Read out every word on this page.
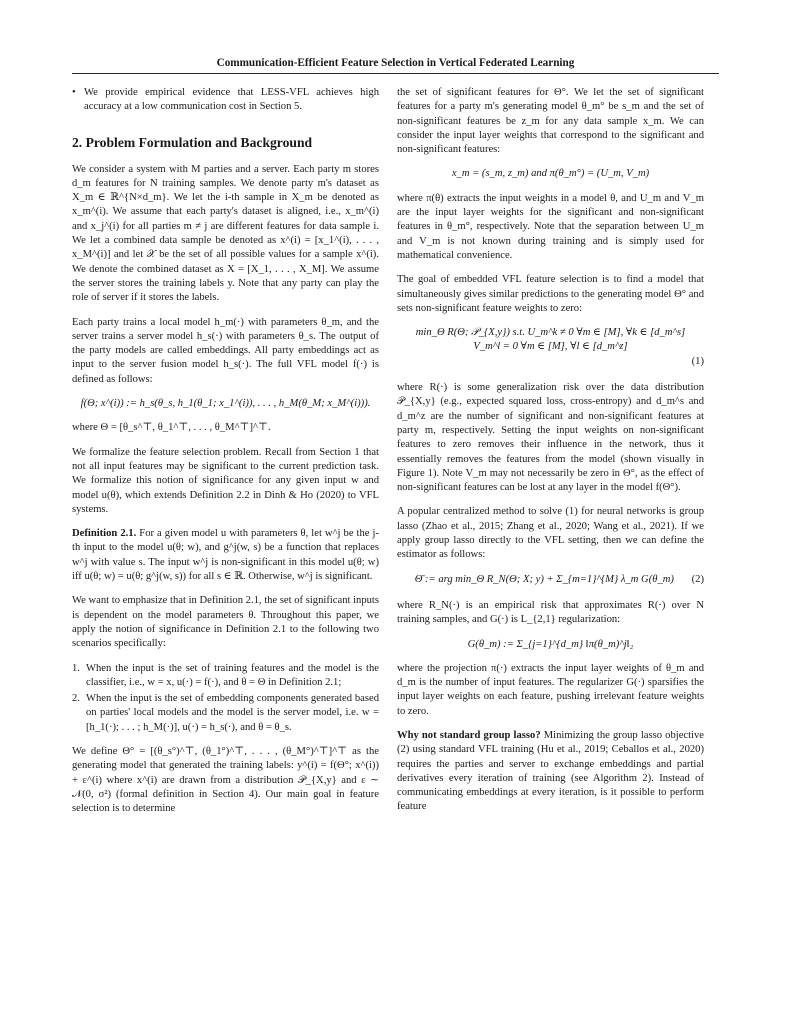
Communication-Efficient Feature Selection in Vertical Federated Learning
• We provide empirical evidence that LESS-VFL achieves high accuracy at a low communication cost in Section 5.
2. Problem Formulation and Background

We consider a system with M parties and a server. Each party m stores d_m features for N training samples. We denote party m's dataset as X_m ∈ ℝ^{N×d_m}. We let the i-th sample in X_m be denoted as x_m^(i). We assume that each party's dataset is aligned, i.e., x_m^(i) and x_j^(i) for all parties m ≠ j are different features for data sample i. We let a combined data sample be denoted as x^(i) = [x_1^(i), . . . , x_M^(i)] and let 𝒳 be the set of all possible values for a sample x^(i). We denote the combined dataset as X = [X_1, . . . , X_M]. We assume the server stores the training labels y. Note that any party can play the role of server if it stores the labels.

Each party trains a local model h_m(·) with parameters θ_m, and the server trains a server model h_s(·) with parameters θ_s. The output of the party models are called embeddings. All party embeddings act as input to the server fusion model h_s(·). The full VFL model f(·) is defined as follows:

f(Θ; x^(i)) := h_s(θ_s, h_1(θ_1; x_1^(i)), . . . , h_M(θ_M; x_M^(i))).

where Θ = [θ_s^⊤, θ_1^⊤, . . . , θ_M^⊤]^⊤.

We formalize the feature selection problem. Recall from Section 1 that not all input features may be significant to the current prediction task. We formalize this notion of significance for any given input w and model u(θ), which extends Definition 2.2 in Dinh & Ho (2020) to VFL systems.

Definition 2.1. For a given model u with parameters θ, let w^j be the j-th input to the model u(θ; w), and g^j(w, s) be a function that replaces w^j with value s. The input w^j is non-significant in this model u(θ; w) iff u(θ; w) = u(θ; g^j(w, s)) for all s ∈ ℝ. Otherwise, w^j is significant.

We want to emphasize that in Definition 2.1, the set of significant inputs is dependent on the model parameters θ. Throughout this paper, we apply the notion of significance in Definition 2.1 to the following two scenarios specifically:

1. When the input is the set of training features and the model is the classifier, i.e., w = x, u(·) = f(·), and θ = Θ in Definition 2.1;
2. When the input is the set of embedding components generated based on parties' local models and the model is the server model, i.e. w = [h_1(·); . . . ; h_M(·)], u(·) = h_s(·), and θ = θ_s.

We define Θ° = [(θ_s°)^⊤, (θ_1°)^⊤, . . . , (θ_M°)^⊤]^⊤ as the generating model that generated the training labels: y^(i) = f(Θ°; x^(i)) + ε^(i) where x^(i) are drawn from a distribution 𝒫_{X,y} and ε ∼ 𝒩(0, σ²) (formal definition in Section 4). Our main goal in feature selection is to determine

the set of significant features for Θ°. We let the set of significant features for a party m's generating model θ_m° be s_m and the set of non-significant features be z_m for any data sample x_m. We can consider the input layer weights that correspond to the significant and non-significant features:

x_m = (s_m, z_m) and π(θ_m°) = (U_m, V_m)

where π(θ) extracts the input weights in a model θ, and U_m and V_m are the input layer weights for the significant and non-significant features in θ_m°, respectively. Note that the separation between U_m and V_m is not known during training and is simply used for mathematical convenience.

The goal of embedded VFL feature selection is to find a model that simultaneously gives similar predictions to the generating model Θ° and sets non-significant feature weights to zero:

min_Θ R(Θ; 𝒫_{X,y}) s.t. U_m^k ≠ 0 ∀m ∈ [M], ∀k ∈ [d_m^s]
V_m^l = 0 ∀m ∈ [M], ∀l ∈ [d_m^z]
(1)

where R(·) is some generalization risk over the data distribution 𝒫_{X,y} (e.g., expected squared loss, cross-entropy) and d_m^s and d_m^z are the number of significant and non-significant features at party m, respectively. Setting the input weights on non-significant features to zero removes their influence in the network, thus it essentially removes the features from the model (shown visually in Figure 1). Note V_m may not necessarily be zero in Θ°, as the effect of non-significant features can be lost at any layer in the model f(Θ°).

A popular centralized method to solve (1) for neural networks is group lasso (Zhao et al., 2015; Zhang et al., 2020; Wang et al., 2021). If we apply group lasso directly to the VFL setting, then we can define the estimator as follows:

Θ̄ := arg min_Θ R_N(Θ; X; y) + Σ_{m=1}^{M} λ_m G(θ_m)	(2)

where R_N(·) is an empirical risk that approximates R(·) over N training samples, and G(·) is L_{2,1} regularization:

G(θ_m) := Σ_{j=1}^{d_m} ‖π(θ_m)^j‖₂

where the projection π(·) extracts the input layer weights of θ_m and d_m is the number of input features. The regularizer G(·) sparsifies the input layer weights on each feature, pushing irrelevant feature weights to zero.

Why not standard group lasso? Minimizing the group lasso objective (2) using standard VFL training (Hu et al., 2019; Ceballos et al., 2020) requires the parties and server to exchange embeddings and partial derivatives every iteration of training (see Algorithm 2). Instead of communicating embeddings at every iteration, is it possible to perform feature
